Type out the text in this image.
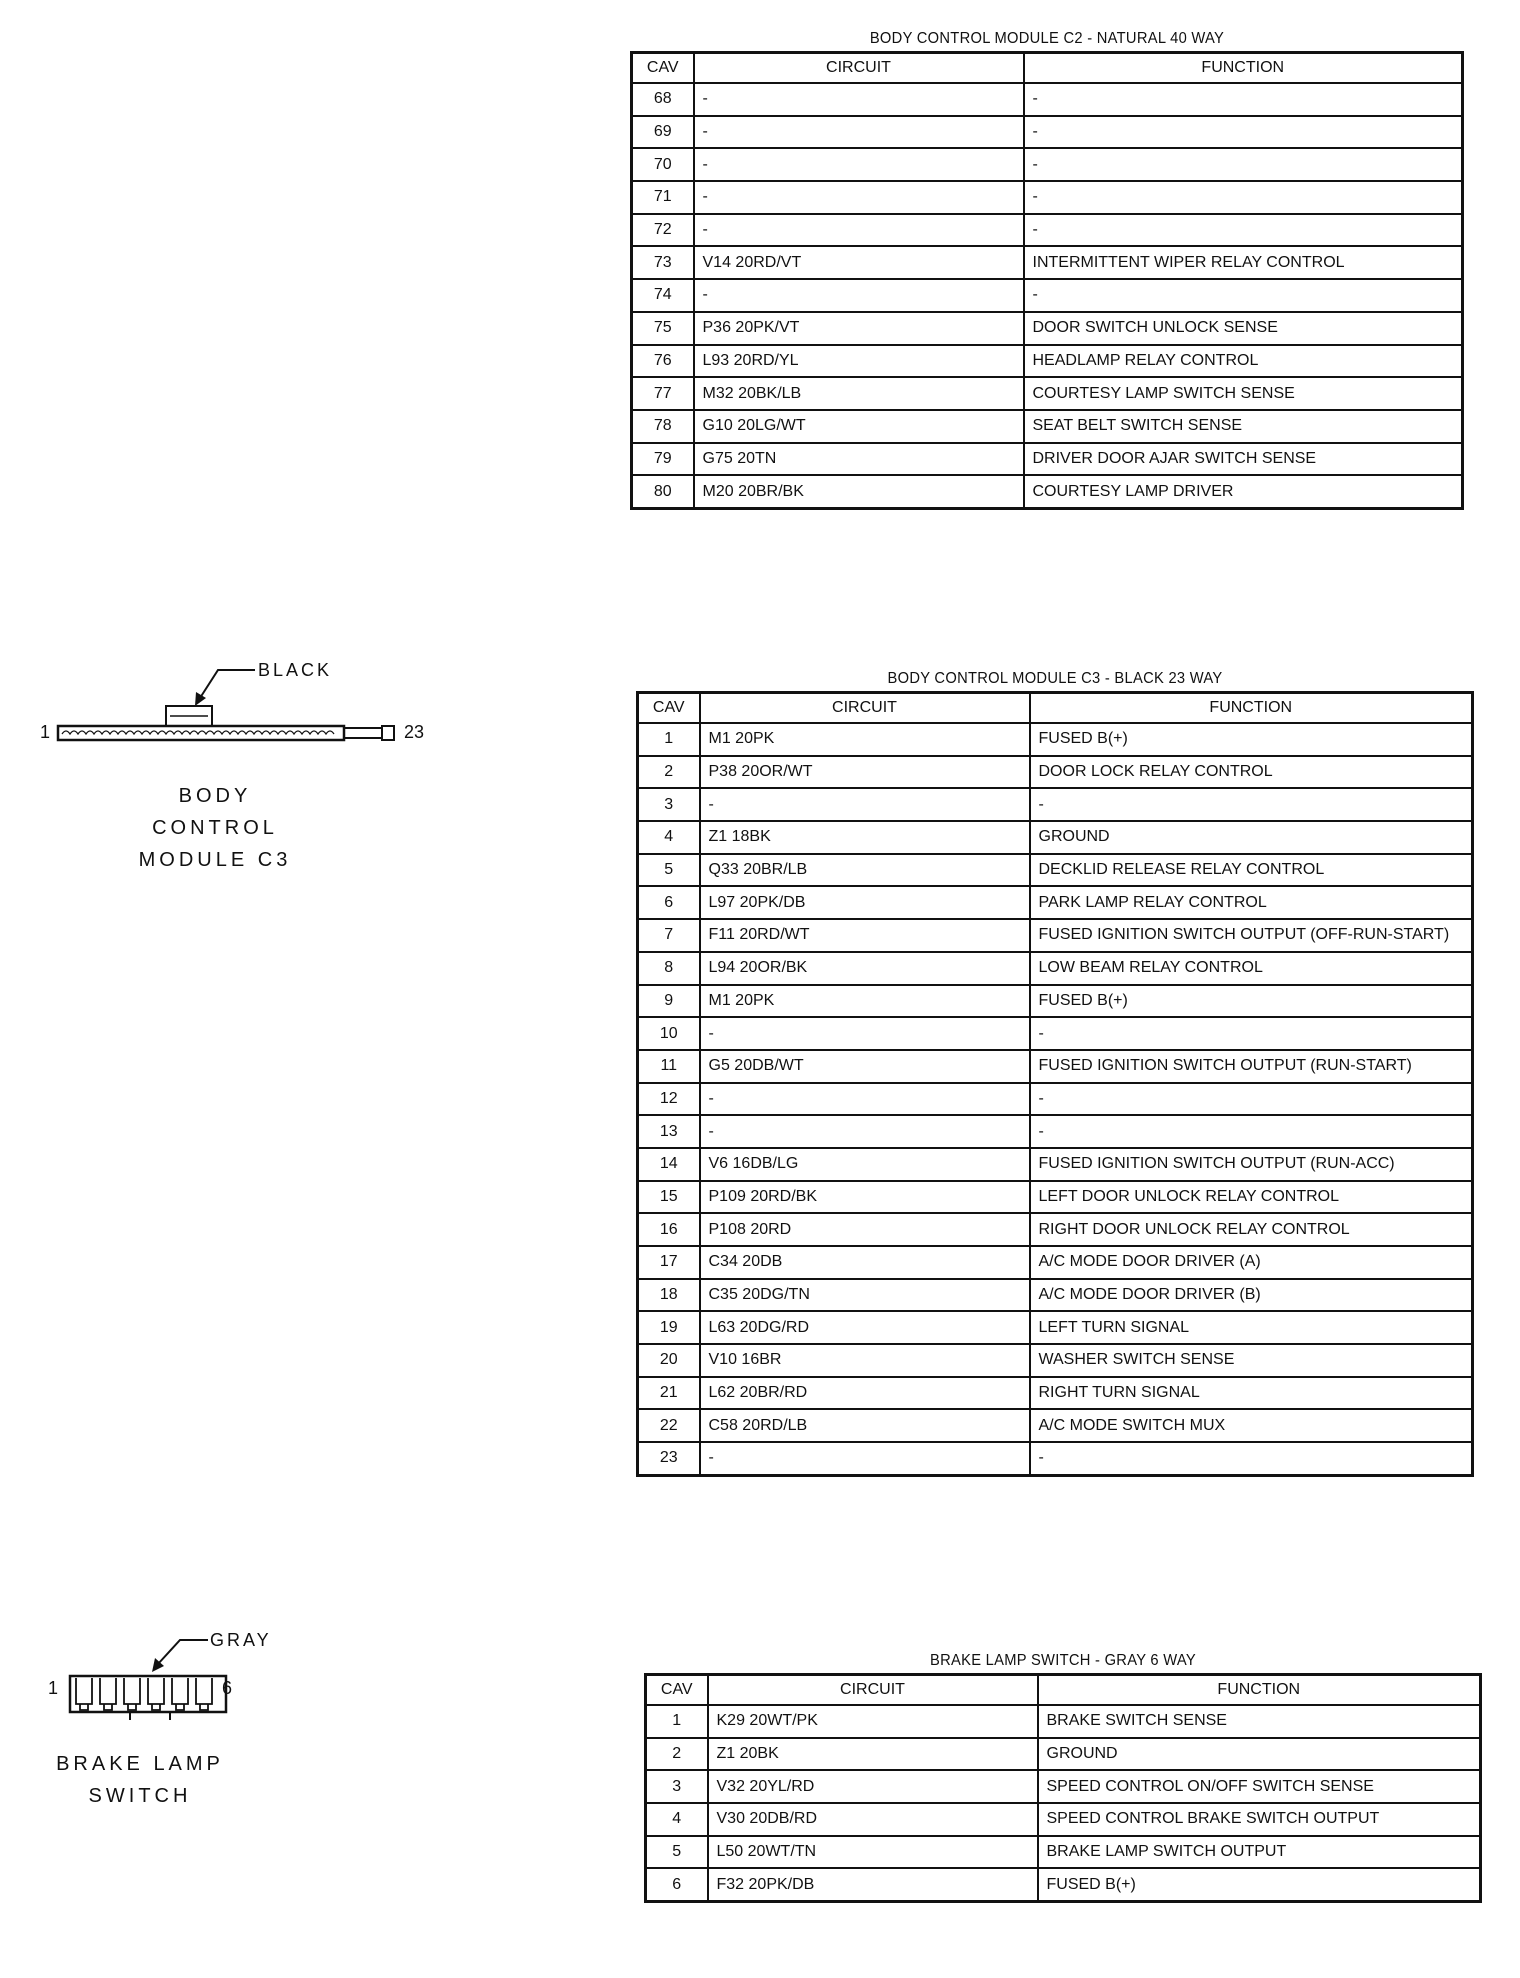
BODY CONTROL MODULE C2 - NATURAL 40 WAY
CAV	CIRCUIT	FUNCTION
68	-	-
69	-	-
70	-	-
71	-	-
72	-	-
73	V14 20RD/VT	INTERMITTENT WIPER RELAY CONTROL
74	-	-
75	P36 20PK/VT	DOOR SWITCH UNLOCK SENSE
76	L93 20RD/YL	HEADLAMP RELAY CONTROL
77	M32 20BK/LB	COURTESY LAMP SWITCH SENSE
78	G10 20LG/WT	SEAT BELT SWITCH SENSE
79	G75 20TN	DRIVER DOOR AJAR SWITCH SENSE
80	M20 20BR/BK	COURTESY LAMP DRIVER
BLACK
1	23
BODY
CONTROL
MODULE C3
BODY CONTROL MODULE C3 - BLACK 23 WAY
CAV	CIRCUIT	FUNCTION
1	M1 20PK	FUSED B(+)
2	P38 20OR/WT	DOOR LOCK RELAY CONTROL
3	-	-
4	Z1 18BK	GROUND
5	Q33 20BR/LB	DECKLID RELEASE RELAY CONTROL
6	L97 20PK/DB	PARK LAMP RELAY CONTROL
7	F11 20RD/WT	FUSED IGNITION SWITCH OUTPUT (OFF-RUN-START)
8	L94 20OR/BK	LOW BEAM RELAY CONTROL
9	M1 20PK	FUSED B(+)
10	-	-
11	G5 20DB/WT	FUSED IGNITION SWITCH OUTPUT (RUN-START)
12	-	-
13	-	-
14	V6 16DB/LG	FUSED IGNITION SWITCH OUTPUT (RUN-ACC)
15	P109 20RD/BK	LEFT DOOR UNLOCK RELAY CONTROL
16	P108 20RD	RIGHT DOOR UNLOCK RELAY CONTROL
17	C34 20DB	A/C MODE DOOR DRIVER (A)
18	C35 20DG/TN	A/C MODE DOOR DRIVER (B)
19	L63 20DG/RD	LEFT TURN SIGNAL
20	V10 16BR	WASHER SWITCH SENSE
21	L62 20BR/RD	RIGHT TURN SIGNAL
22	C58 20RD/LB	A/C MODE SWITCH MUX
23	-	-
GRAY
1	6
BRAKE LAMP
SWITCH
BRAKE LAMP SWITCH - GRAY 6 WAY
CAV	CIRCUIT	FUNCTION
1	K29 20WT/PK	BRAKE SWITCH SENSE
2	Z1 20BK	GROUND
3	V32 20YL/RD	SPEED CONTROL ON/OFF SWITCH SENSE
4	V30 20DB/RD	SPEED CONTROL BRAKE SWITCH OUTPUT
5	L50 20WT/TN	BRAKE LAMP SWITCH OUTPUT
6	F32 20PK/DB	FUSED B(+)
